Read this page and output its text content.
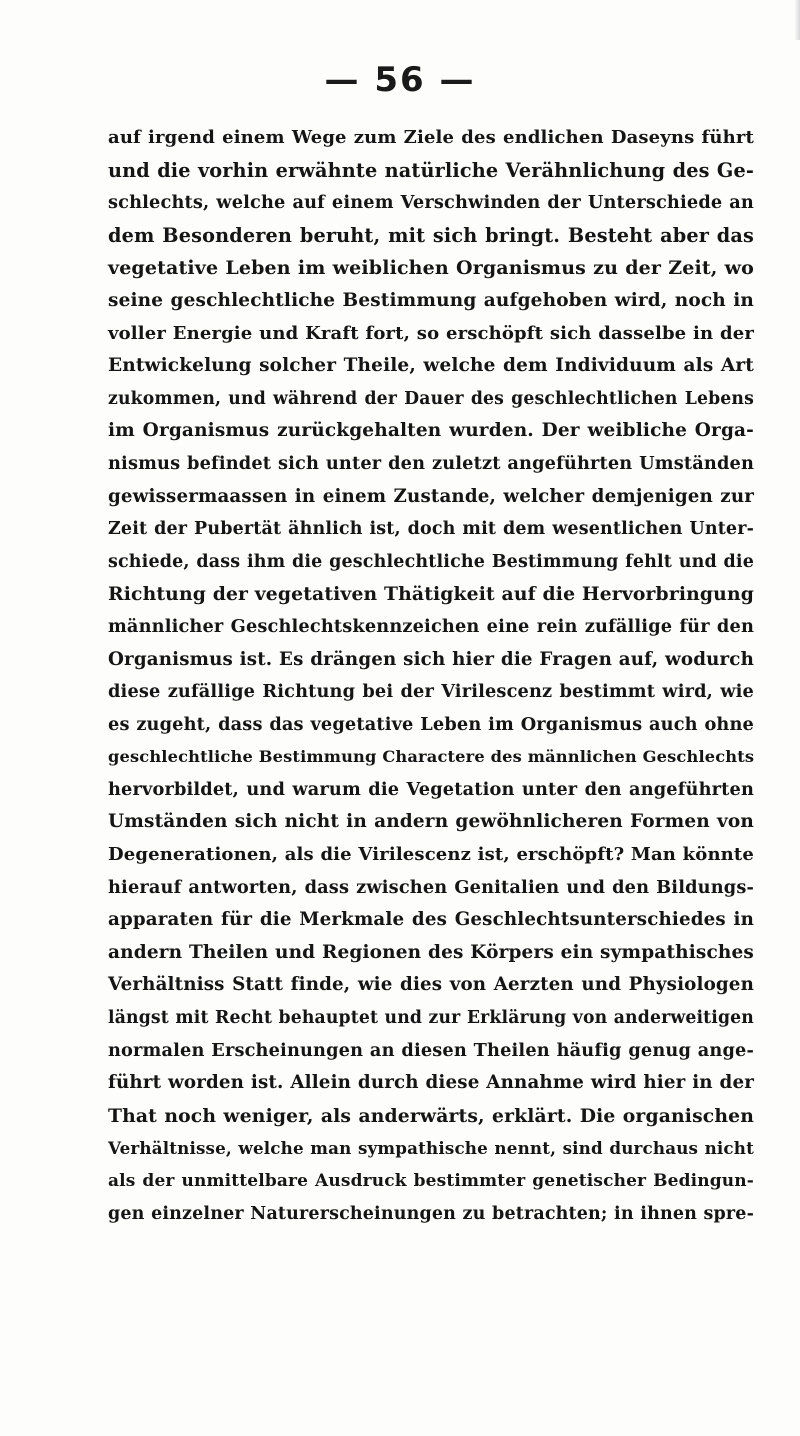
— 56 —
auf irgend einem Wege zum Ziele des endlichen Daseyns führt
und die vorhin erwähnte natürliche Verähnlichung des Ge-
schlechts, welche auf einem Verschwinden der Unterschiede an
dem Besonderen beruht, mit sich bringt. Besteht aber das
vegetative Leben im weiblichen Organismus zu der Zeit, wo
seine geschlechtliche Bestimmung aufgehoben wird, noch in
voller Energie und Kraft fort, so erschöpft sich dasselbe in der
Entwickelung solcher Theile, welche dem Individuum als Art
zukommen, und während der Dauer des geschlechtlichen Lebens
im Organismus zurückgehalten wurden. Der weibliche Orga-
nismus befindet sich unter den zuletzt angeführten Umständen
gewissermaassen in einem Zustande, welcher demjenigen zur
Zeit der Pubertät ähnlich ist, doch mit dem wesentlichen Unter-
schiede, dass ihm die geschlechtliche Bestimmung fehlt und die
Richtung der vegetativen Thätigkeit auf die Hervorbringung
männlicher Geschlechtskennzeichen eine rein zufällige für den
Organismus ist. Es drängen sich hier die Fragen auf, wodurch
diese zufällige Richtung bei der Virilescenz bestimmt wird, wie
es zugeht, dass das vegetative Leben im Organismus auch ohne
geschlechtliche Bestimmung Charactere des männlichen Geschlechts
hervorbildet, und warum die Vegetation unter den angeführten
Umständen sich nicht in andern gewöhnlicheren Formen von
Degenerationen, als die Virilescenz ist, erschöpft? Man könnte
hierauf antworten, dass zwischen Genitalien und den Bildungs-
apparaten für die Merkmale des Geschlechtsunterschiedes in
andern Theilen und Regionen des Körpers ein sympathisches
Verhältniss Statt finde, wie dies von Aerzten und Physiologen
längst mit Recht behauptet und zur Erklärung von anderweitigen
normalen Erscheinungen an diesen Theilen häufig genug ange-
führt worden ist. Allein durch diese Annahme wird hier in der
That noch weniger, als anderwärts, erklärt. Die organischen
Verhältnisse, welche man sympathische nennt, sind durchaus nicht
als der unmittelbare Ausdruck bestimmter genetischer Bedingun-
gen einzelner Naturerscheinungen zu betrachten; in ihnen spre-
